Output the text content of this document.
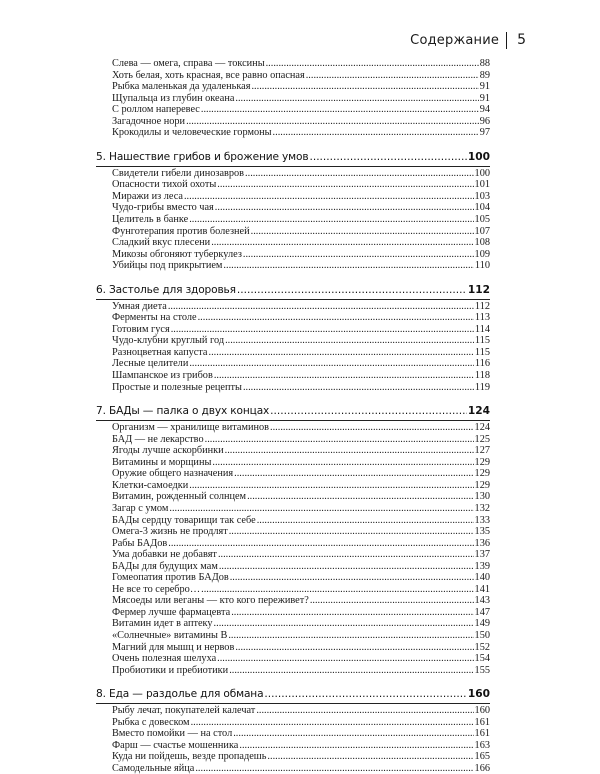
Содержание 5
Слева — омега, справа — токсины .....	88
Хоть белая, хоть красная, все равно опасная .....	89
Рыбка маленькая да удаленькая .....	91
Щупальца из глубин океана .....	91
С роллом наперевес .....	94
Загадочное нори .....	96
Крокодилы и человеческие гормоны .....	97
5. Нашествие грибов и брожение умов .....	100
Свидетели гибели динозавров .....	100
Опасности тихой охоты .....	101
Миражи из леса .....	103
Чудо-грибы вместо чая .....	104
Целитель в банке .....	105
Фунготерапия против болезней .....	107
Сладкий вкус плесени .....	108
Микозы обгоняют туберкулез .....	109
Убийцы под прикрытием .....	110
6. Застолье для здоровья .....	112
Умная диета .....	112
Ферменты на столе .....	113
Готовим гуся .....	114
Чудо-клубни круглый год .....	115
Разноцветная капуста .....	115
Лесные целители .....	116
Шампанское из грибов .....	118
Простые и полезные рецепты .....	119
7. БАДы — палка о двух концах .....	124
Организм — хранилище витаминов .....	124
БАД — не лекарство .....	125
Ягоды лучше аскорбинки .....	127
Витамины и морщины .....	129
Оружие общего назначения .....	129
Клетки-самоедки .....	129
Витамин, рожденный солнцем .....	130
Загар с умом .....	132
БАДы сердцу товарищи так себе .....	133
Омега-3 жизнь не продлят .....	135
Рабы БАДов .....	136
Ума добавки не добавят .....	137
БАДы для будущих мам .....	139
Гомеопатия против БАДов .....	140
Не все то серебро… .....	141
Мясоеды или веганы — кто кого переживет? .....	143
Фермер лучше фармацевта .....	147
Витамин идет в аптеку .....	149
«Солнечные» витамины В .....	150
Магний для мышц и нервов .....	152
Очень полезная шелуха .....	154
Пробиотики и пребиотики .....	155
8. Еда — раздолье для обмана .....	160
Рыбу лечат, покупателей калечат .....	160
Рыбка с довеском .....	161
Вместо помойки — на стол .....	161
Фарш — счастье мошенника .....	163
Куда ни пойдешь, везде пропадешь .....	165
Самодельные яйца .....	166
